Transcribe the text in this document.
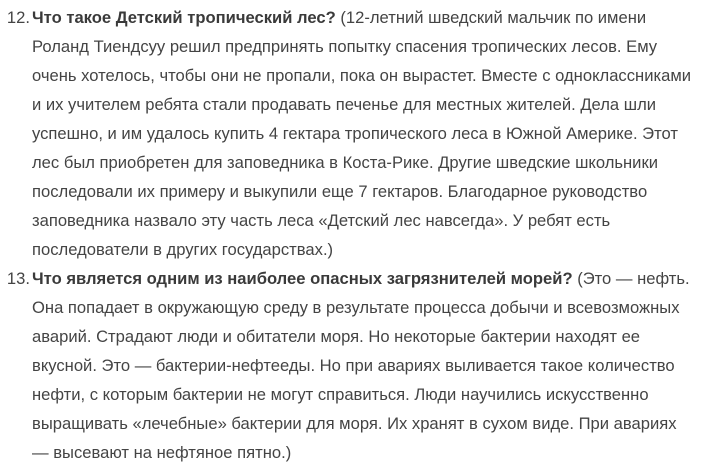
12. Что такое Детский тропический лес? (12-летний шведский мальчик по имени Роланд Тиендсуу решил предпринять попытку спасения тропических лесов. Ему очень хотелось, чтобы они не пропали, пока он вырастет. Вместе с одноклассниками и их учителем ребята стали продавать печенье для местных жителей. Дела шли успешно, и им удалось купить 4 гектара тропического леса в Южной Америке. Этот лес был приобретен для заповедника в Коста-Рике. Другие шведские школьники последовали их примеру и выкупили еще 7 гектаров. Благодарное руководство заповедника назвало эту часть леса «Детский лес навсегда». У ребят есть последователи в других государствах.)
13. Что является одним из наиболее опасных загрязнителей морей? (Это — нефть. Она попадает в окружающую среду в результате процесса добычи и всевозможных аварий. Страдают люди и обитатели моря. Но некоторые бактерии находят ее вкусной. Это — бактерии-нефтееды. Но при авариях выливается такое количество нефти, с которым бактерии не могут справиться. Люди научились искусственно выращивать «лечебные» бактерии для моря. Их хранят в сухом виде. При авариях — высевают на нефтяное пятно.)
